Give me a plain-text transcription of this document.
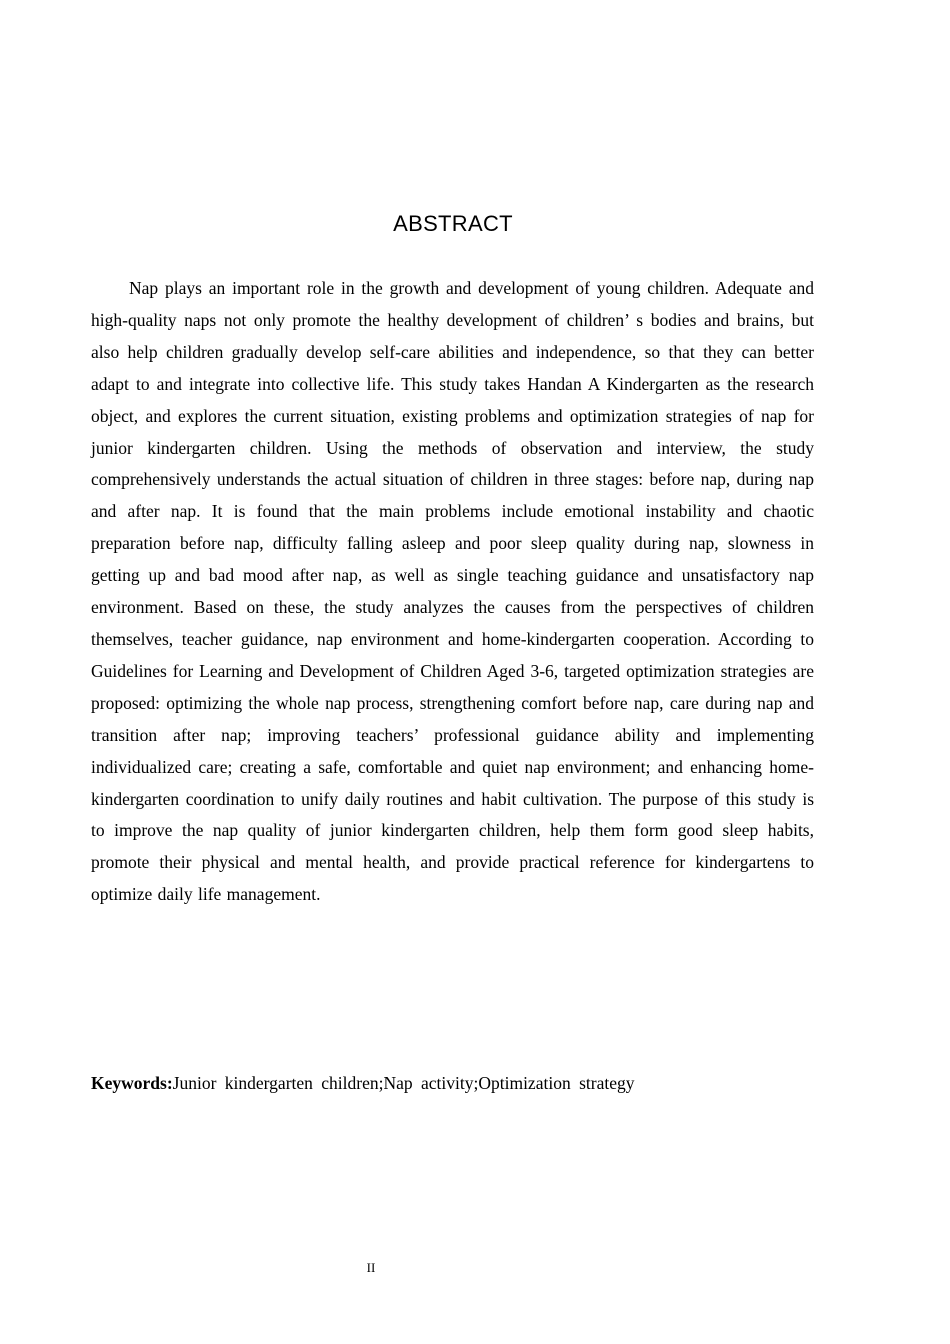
ABSTRACT

Nap plays an important role in the growth and development of young children. Adequate and high-quality naps not only promote the healthy development of children’ s bodies and brains, but also help children gradually develop self-care abilities and independence, so that they can better adapt to and integrate into collective life. This study takes Handan A Kindergarten as the research object, and explores the current situation, existing problems and optimization strategies of nap for junior kindergarten children. Using the methods of observation and interview, the study comprehensively understands the actual situation of children in three stages: before nap, during nap and after nap. It is found that the main problems include emotional instability and chaotic preparation before nap, difficulty falling asleep and poor sleep quality during nap, slowness in getting up and bad mood after nap, as well as single teaching guidance and unsatisfactory nap environment. Based on these, the study analyzes the causes from the perspectives of children themselves, teacher guidance, nap environment and home-kindergarten cooperation. According to Guidelines for Learning and Development of Children Aged 3-6, targeted optimization strategies are proposed: optimizing the whole nap process, strengthening comfort before nap, care during nap and transition after nap; improving teachers’ professional guidance ability and implementing individualized care; creating a safe, comfortable and quiet nap environment; and enhancing home-kindergarten coordination to unify daily routines and habit cultivation. The purpose of this study is to improve the nap quality of junior kindergarten children, help them form good sleep habits, promote their physical and mental health, and provide practical reference for kindergartens to optimize daily life management.

Keywords:Junior kindergarten children;Nap activity;Optimization strategy

II
